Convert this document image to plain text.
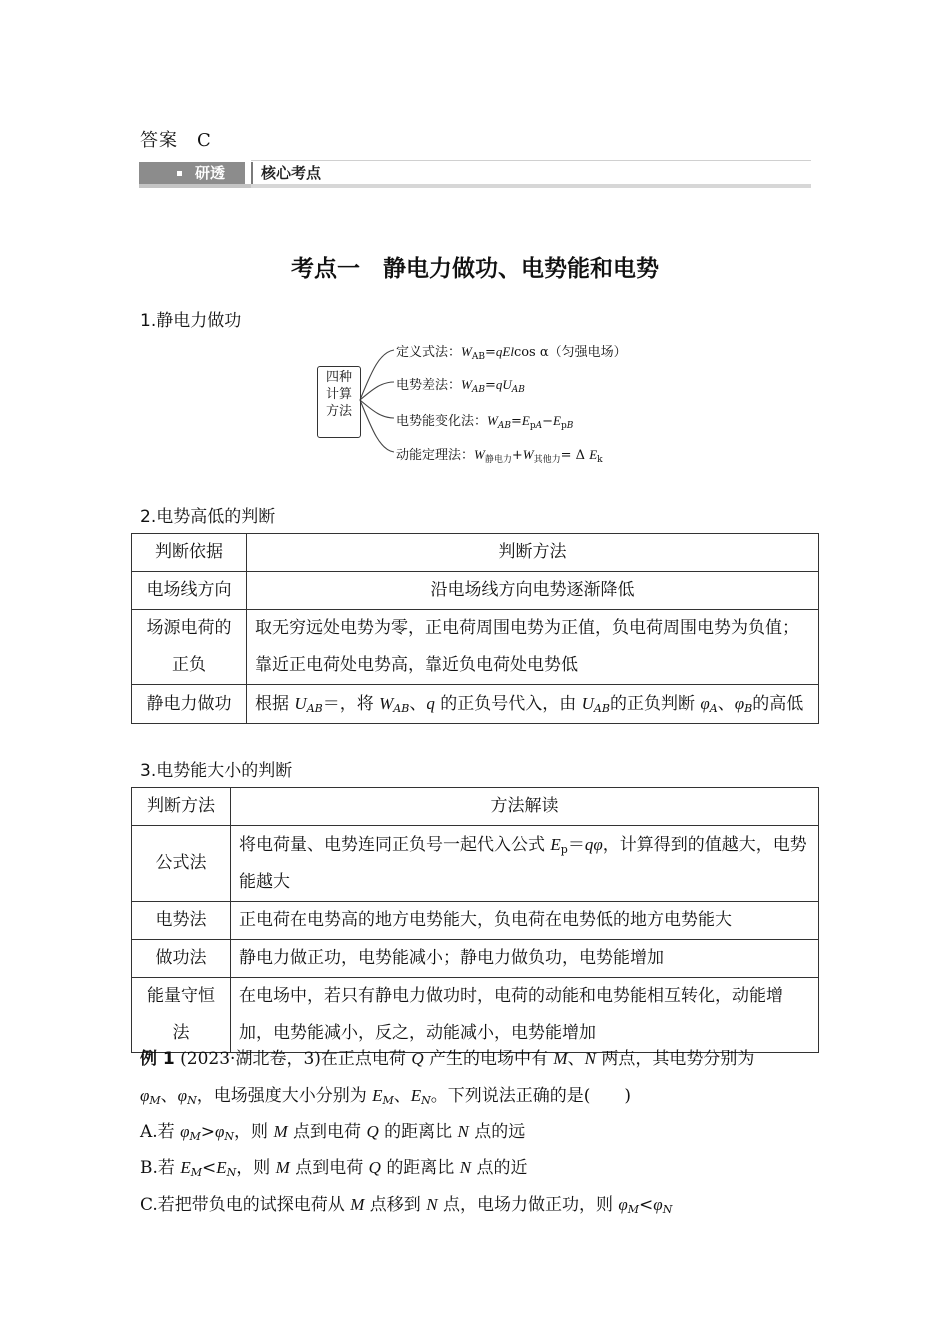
答案　 C
研透 核心考点
考点一　静电力做功、电势能和电势
1.静电力做功
四种
计算
方法
定义式法：$W_{AB}=qElcos$ α（匀强电场）
电势差法：$W_{AB}=qU_{AB}$
电势能变化法：$W_{AB}=E_{pA}-E_{pB}$
动能定理法：$W_{静电力}+W_{其他力}= \Delta$ $E_k$
2.电势高低的判断
判断依据	判断方法
电场线方向	沿电场线方向电势逐渐降低
场源电荷的正负	取无穷远处电势为零，正电荷周围电势为正值，负电荷周围电势为负值；靠近正电荷处电势高，靠近负电荷处电势低
静电力做功	根据 $U_{AB}=$，将 $W_{AB}$、q 的正负号代入，由 $U_{AB}$的正负判断 $\varphi_A$、$\varphi_B$的高低
3.电势能大小的判断
判断方法	方法解读
公式法	将电荷量、电势连同正负号一起代入公式 $E_p=q\varphi$，计算得到的值越大，电势能越大
电势法	正电荷在电势高的地方电势能大，负电荷在电势低的地方电势能大
做功法	静电力做正功，电势能减小；静电力做负功，电势能增加
能量守恒法	在电场中，若只有静电力做功时，电荷的动能和电势能相互转化，动能增加，电势能减小，反之，动能减小，电势能增加
例 1 (2023·湖北卷，3)在正点电荷 Q 产生的电场中有 M、N 两点，其电势分别为
$\varphi_M$、$\varphi_N$，电场强度大小分别为 $E_M$、$E_N$。下列说法正确的是(　　)
A.若 $\varphi_M>\varphi_N$，则 M 点到电荷 Q 的距离比 N 点的远
B.若 $E_M<E_N$，则 M 点到电荷 Q 的距离比 N 点的近
C.若把带负电的试探电荷从 M 点移到 N 点，电场力做正功，则 $\varphi_M<\varphi_N$
